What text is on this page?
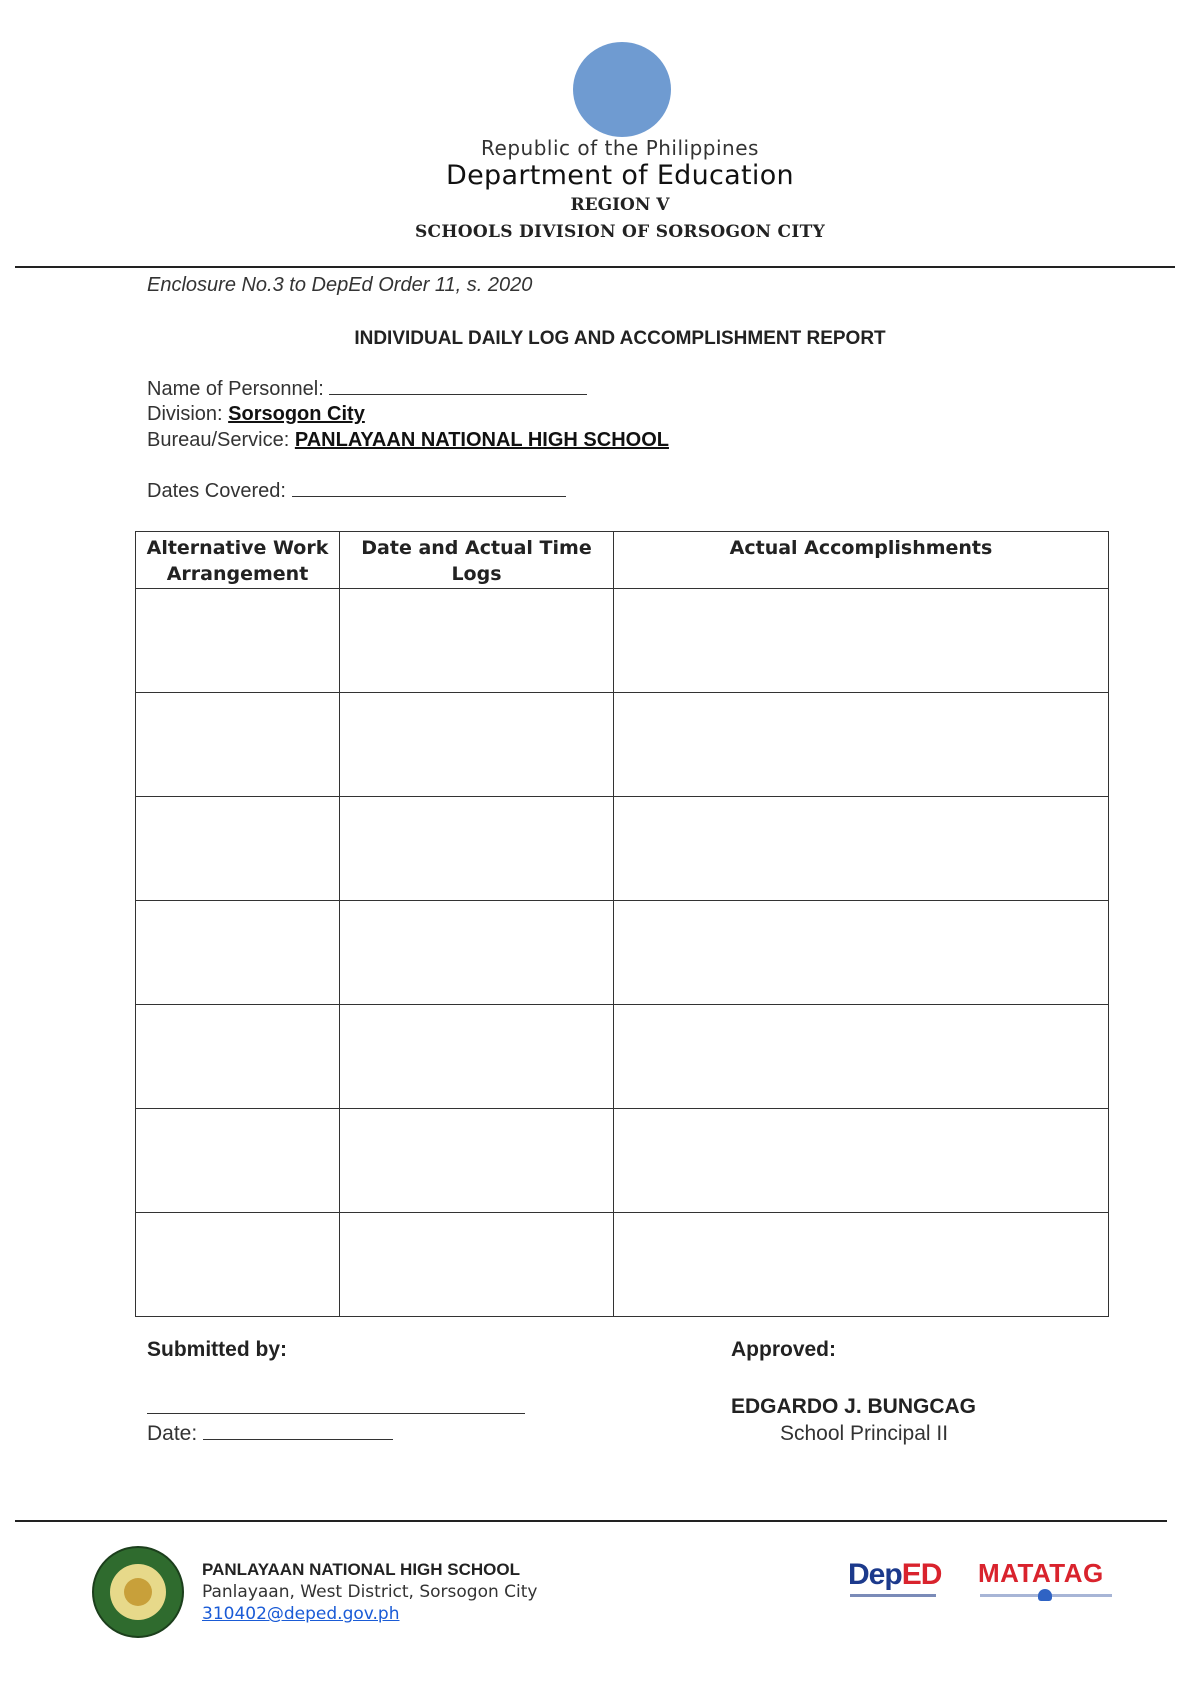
Republic of the Philippines
Department of Education
REGION V
SCHOOLS DIVISION OF SORSOGON CITY
Enclosure No.3 to DepEd Order 11, s. 2020
INDIVIDUAL DAILY LOG AND ACCOMPLISHMENT REPORT
Name of Personnel:
Division: Sorsogon City
Bureau/Service: PANLAYAAN NATIONAL HIGH SCHOOL
Dates Covered:
Alternative Work Arrangement	Date and Actual Time Logs	Actual Accomplishments

Submitted by:	Approved:
Date:
EDGARDO J. BUNGCAG
School Principal II
PANLAYAAN NATIONAL HIGH SCHOOL
Panlayaan, West District, Sorsogon City
310402@deped.gov.ph
DepED MATATAG
